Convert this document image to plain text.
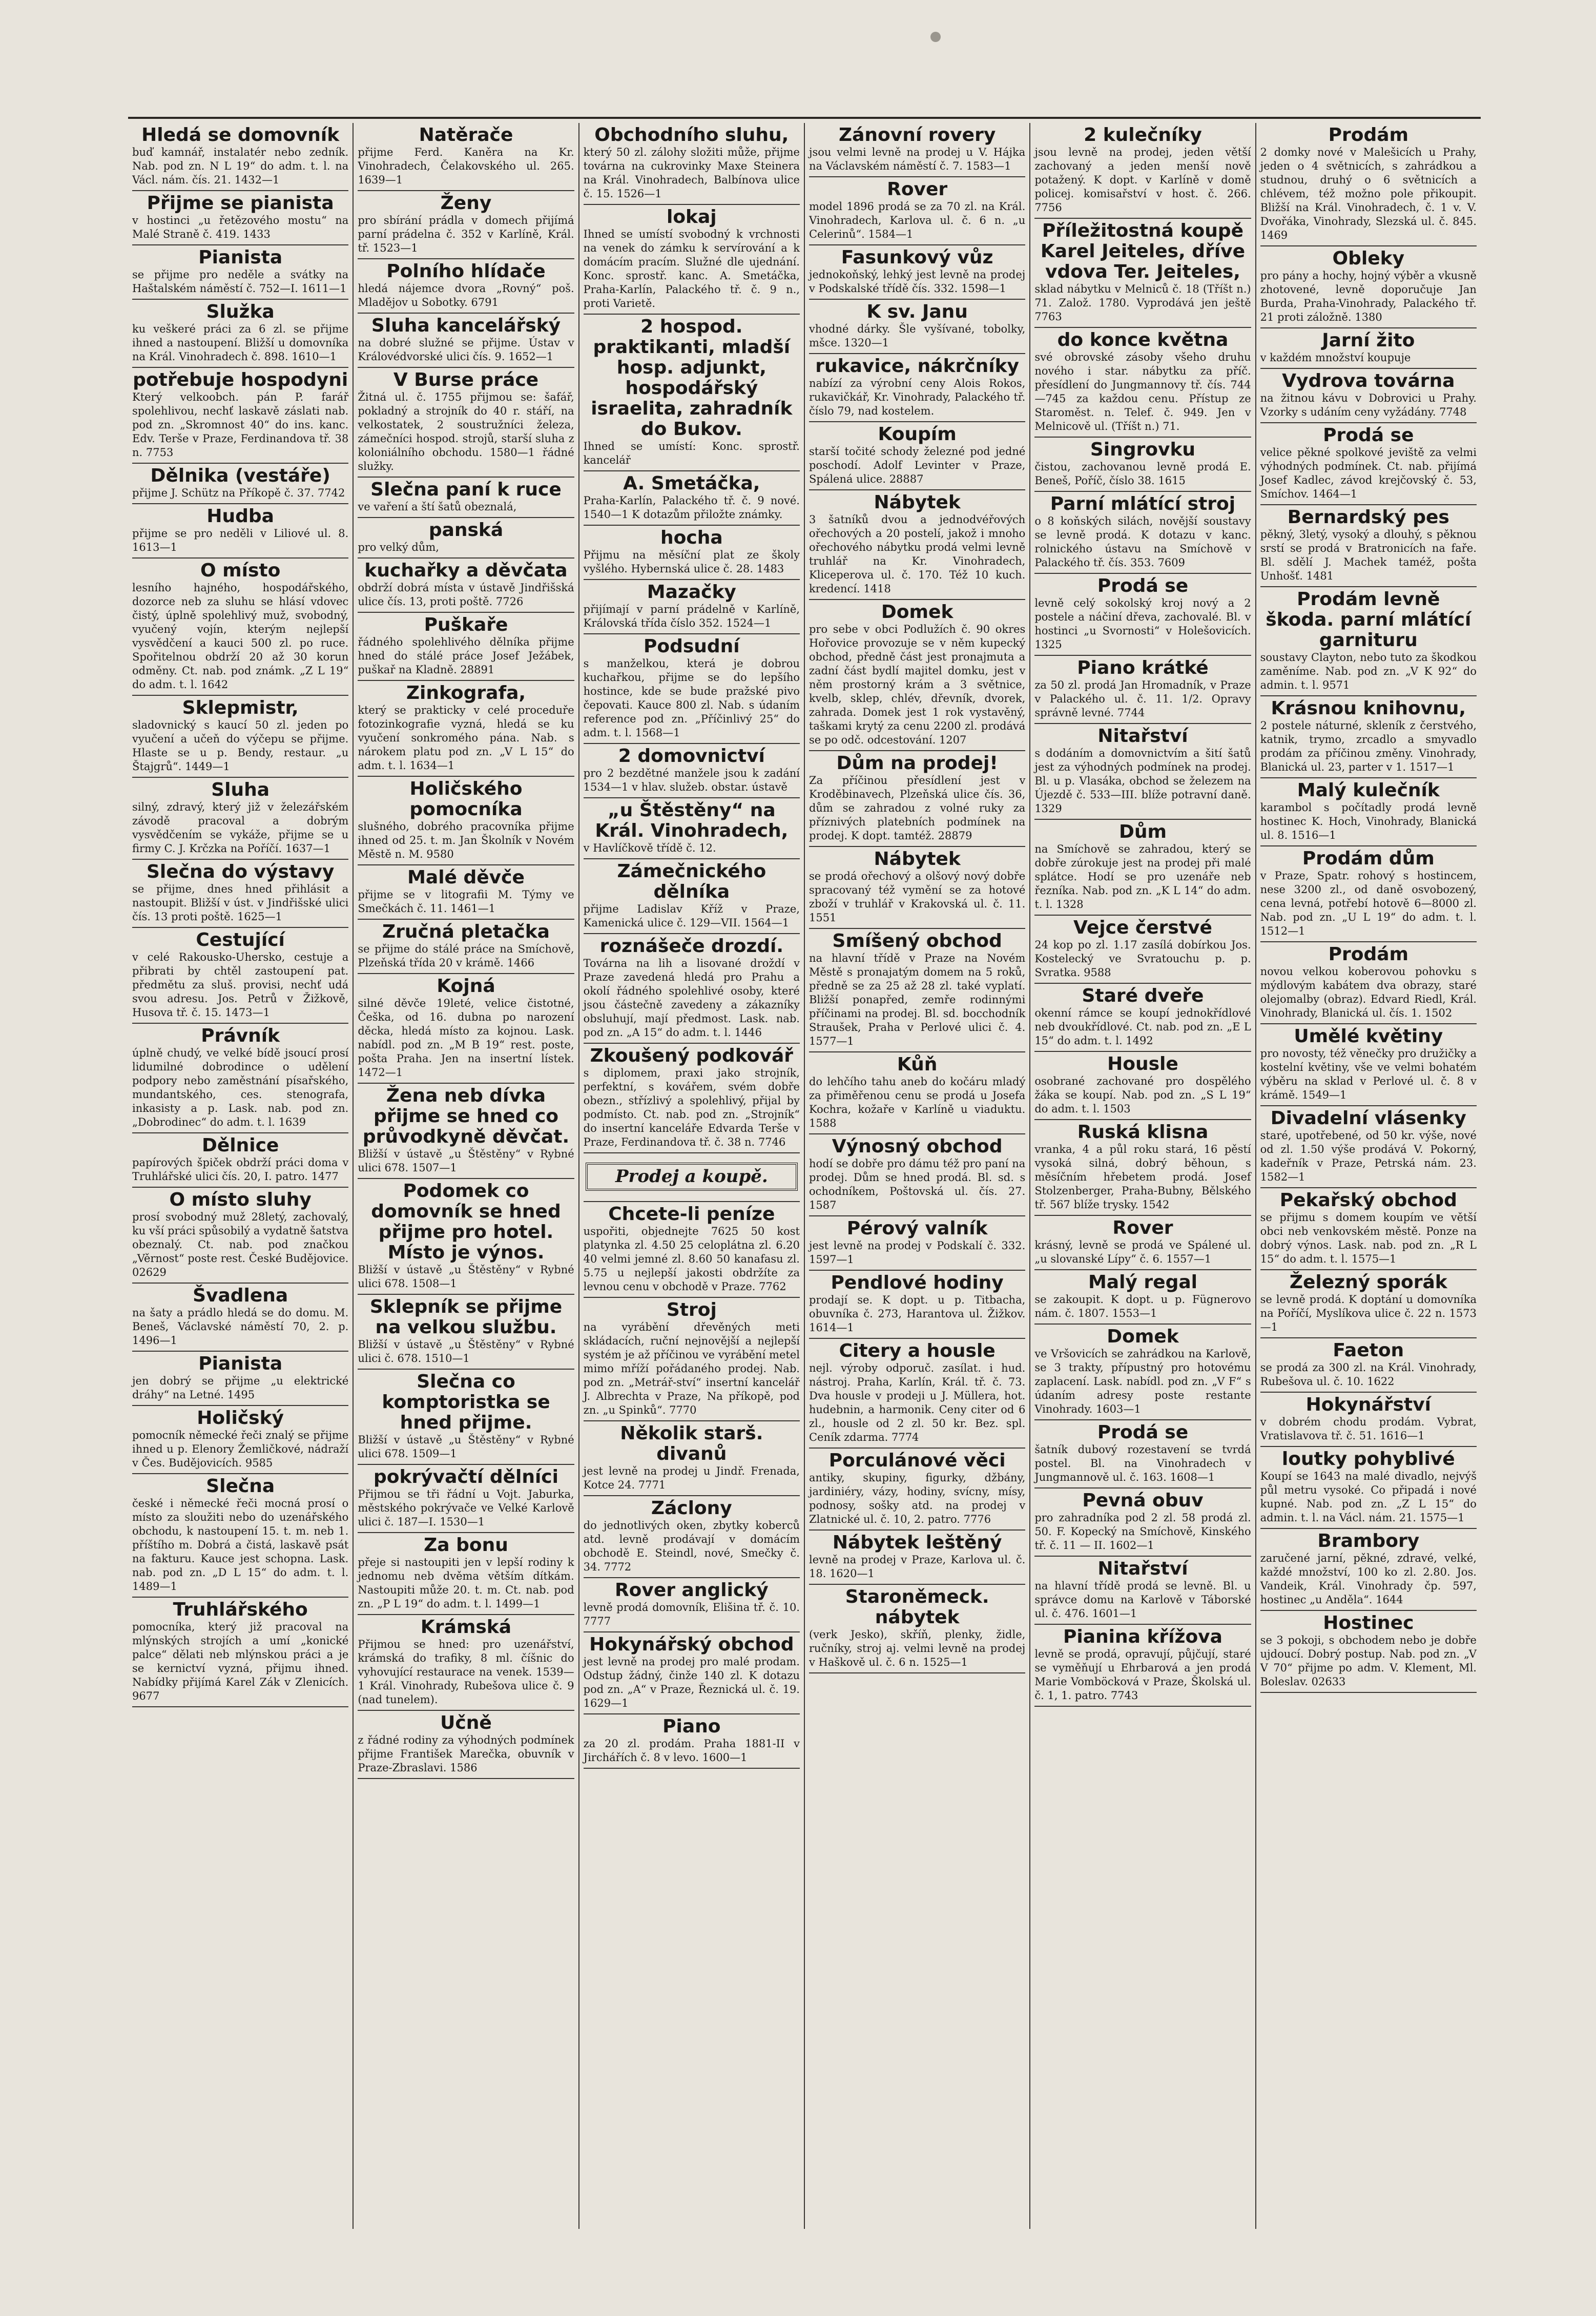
Hledá se domovník
buď kamnář, instalatér nebo zedník. Nab. pod zn. N L 19“ do adm. t. l. na Václ. nám. čís. 21. 1432—1
Přijme se pianista
v hostinci „u řetězového mostu“ na Malé Straně č. 419. 1433
Pianista
se přijme pro neděle a svátky na Haštalském náměstí č. 752—I. 1611—1
Služka
ku veškeré práci za 6 zl. se přijme ihned a nastoupení. Bližší u domovníka na Král. Vinohradech č. 898. 1610—1
potřebuje hospodyni
Který velkoobch. pán P. farář spolehlivou, nechť laskavě záslati nab. pod zn. „Skromnost 40“ do ins. kanc. Edv. Terše v Praze, Ferdinandova tř. 38 n. 7753
Dělnika (vestáře)
přijme J. Schütz na Příkopě č. 37. 7742
Hudba
přijme se pro neděli v Liliové ul. 8. 1613—1
O místo
lesního hajného, hospodářského, dozorce neb za sluhu se hlásí vdovec čistý, úplně spolehlivý muž, svobodný, vyučený vojín, kterým nejlepší vysvědčení a kauci 500 zl. po ruce. Spořitelnou obdrží 20 až 30 korun odměny. Ct. nab. pod známk. „Z L 19“ do adm. t. l. 1642
Sklepmistr,
sladovnický s kaucí 50 zl. jeden po vyučení a učeň do výčepu se přijme. Hlaste se u p. Bendy, restaur. „u Štajgrů“. 1449—1
Sluha
silný, zdravý, který již v železářském závodě pracoval a dobrým vysvědčením se vykáže, přijme se u firmy C. J. Krčzka na Poříčí. 1637—1
Slečna do výstavy
se přijme, dnes hned přihlásit a nastoupit. Bližší v úst. v Jindřišské ulici čís. 13 proti poště. 1625—1
Cestující
v celé Rakousko-Uhersko, cestuje a přibrati by chtěl zastoupení pat. předmětu za sluš. provisi, nechť udá svou adresu. Jos. Petrů v Žižkově, Husova tř. č. 15. 1473—1
Právník
úplně chudý, ve velké bídě jsoucí prosí lidumilné dobrodince o udělení podpory nebo zaměstnání písařského, mundantského, ces. stenografa, inkasisty a p. Lask. nab. pod zn. „Dobrodinec“ do adm. t. l. 1639
Dělnice
papírových špiček obdrží práci doma v Truhlářské ulici čís. 20, I. patro. 1477
O místo sluhy
prosí svobodný muž 28letý, zachovalý, ku vší práci spůsobilý a vydatně šatstva obeznalý. Ct. nab. pod značkou „Věrnost“ poste rest. České Budějovice. 02629
Švadlena
na šaty a prádlo hledá se do domu. M. Beneš, Václavské náměstí 70, 2. p. 1496—1
Pianista
jen dobrý se přijme „u elektrické dráhy“ na Letné. 1495
Holičský
pomocník německé řeči znalý se přijme ihned u p. Elenory Žemličkové, nádraží v Čes. Budějovicích. 9585
Slečna
české i německé řeči mocná prosí o místo za sloužiti nebo do uzenářského obchodu, k nastoupení 15. t. m. neb 1. příštího m. Dobrá a čistá, laskavě psát na fakturu. Kauce jest schopna. Lask. nab. pod zn. „D L 15“ do adm. t. l. 1489—1
Truhlářského
pomocníka, který již pracoval na mlýnských strojích a umí „konické palce“ dělati neb mlýnskou práci a je se kernictví vyzná, přijmu ihned. Nabídky přijímá Karel Zák v Zlenicích. 9677
Natěrače
přijme Ferd. Kaněra na Kr. Vinohradech, Čelakovského ul. 265. 1639—1
Ženy
pro sbírání prádla v domech přijímá parní prádelna č. 352 v Karlíně, Král. tř. 1523—1
Polního hlídače
hledá nájemce dvora „Rovný“ poš. Mladějov u Sobotky. 6791
Sluha kancelářský
na dobré služné se přijme. Ústav v Královédvorské ulici čís. 9. 1652—1
V Burse práce
Žitná ul. č. 1755 přijmou se: šafář, pokladný a strojník do 40 r. stáří, na velkostatek, 2 soustružníci železa, zámečníci hospod. strojů, starší sluha z koloniálního obchodu. 1580—1 řádné služky.
Slečna paní k ruce
ve vaření a ští šatů obeznalá,
panská
pro velký dům,
kuchařky a děvčata
obdrží dobrá místa v ústavě Jindřišská ulice čís. 13, proti poště. 7726
Puškaře
řádného spolehlivého dělníka přijme hned do stálé práce Josef Ježábek, puškař na Kladně. 28891
Zinkografa,
který se prakticky v celé proceduře fotozinkografie vyzná, hledá se ku vyučení sonkromého pána. Nab. s nárokem platu pod zn. „V L 15“ do adm. t. l. 1634—1
Holičského pomocníka
slušného, dobrého pracovníka přijme ihned od 25. t. m. Jan Školník v Novém Městě n. M. 9580
Malé děvče
přijme se v litografii M. Týmy ve Smečkách č. 11. 1461—1
Zručná pletačka
se přijme do stálé práce na Smíchově, Plzeňská třída 20 v krámě. 1466
Kojná
silné děvče 19leté, velice čistotné, Češka, od 16. dubna po narození děcka, hledá místo za kojnou. Lask. nabídl. pod zn. „M B 19“ rest. poste, pošta Praha. Jen na insertní lístek. 1472—1
Žena neb dívka přijme se hned co průvodkyně děvčat.
Bližší v ústavě „u Štěstěny“ v Rybné ulici 678. 1507—1
Podomek co domovník se hned přijme pro hotel. Místo je výnos.
Bližší v ústavě „u Štěstěny“ v Rybné ulici 678. 1508—1
Sklepník se přijme na velkou službu.
Bližší v ústavě „u Štěstěny“ v Rybné ulici č. 678. 1510—1
Slečna co komptoristka se hned přijme.
Bližší v ústavě „u Štěstěny“ v Rybné ulici 678. 1509—1
pokrývačtí dělníci
Přijmou se tři řádní u Vojt. Jaburka, městského pokrývače ve Velké Karlově ulici č. 187—I. 1530—1
Za bonu
přeje si nastoupiti jen v lepší rodiny k jednomu neb dvěma větším dítkám. Nastoupiti může 20. t. m. Ct. nab. pod zn. „P L 19“ do adm. t. l. 1499—1
Krámská
Přijmou se hned: pro uzenářství, krámská do trafiky, 8 ml. číšnic do vyhovující restaurace na venek. 1539—1 Král. Vinohrady, Rubešova ulice č. 9 (nad tunelem).
Učně
z řádné rodiny za výhodných podmínek přijme František Marečka, obuvník v Praze-Zbraslavi. 1586
Obchodního sluhu,
který 50 zl. zálohy složiti může, přijme továrna na cukrovinky Maxe Steinera na Král. Vinohradech, Balbínova ulice č. 15. 1526—1
lokaj
Ihned se umístí svobodný k vrchnosti na venek do zámku k servírování a k domácím pracím. Služné dle ujednání. Konc. sprostř. kanc. A. Smetáčka, Praha-Karlín, Palackého tř. č. 9 n., proti Varietě.
2 hospod. praktikanti, mladší hosp. adjunkt, hospodářský israelita, zahradník do Bukov.
Ihned se umístí: Konc. sprostř. kancelář
A. Smetáčka,
Praha-Karlín, Palackého tř. č. 9 nové. 1540—1 K dotazům přiložte známky.
hocha
Přijmu na měsíční plat ze školy vyšlého. Hybernská ulice č. 28. 1483
Mazačky
přijímají v parní prádelně v Karlíně, Královská třída číslo 352. 1524—1
Podsudní
s manželkou, která je dobrou kuchařkou, přijme se do lepšího hostince, kde se bude pražské pivo čepovati. Kauce 800 zl. Nab. s údaním reference pod zn. „Příčinlivý 25“ do adm. t. l. 1568—1
2 domovnictví
pro 2 bezdětné manžele jsou k zadání 1534—1 v hlav. služeb. obstar. ústavě
„u Štěstěny“ na Král. Vinohradech,
v Havlíčkově třídě č. 12.
Zámečnického dělníka
přijme Ladislav Kříž v Praze, Kamenická ulice č. 129—VII. 1564—1
roznášeče drozdí.
Továrna na lih a lisované droždí v Praze zavedená hledá pro Prahu a okolí řádného spolehlivé osoby, které jsou částečně zavedeny a zákazníky obsluhují, mají předmost. Lask. nab. pod zn. „A 15“ do adm. t. l. 1446
Zkoušený podkovář
s diplomem, praxi jako strojník, perfektní, s kovářem, svém dobře obezn., střízlivý a spolehlivý, přijal by podmísto. Ct. nab. pod zn. „Strojník“ do insertní kanceláře Edvarda Terše v Praze, Ferdinandova tř. č. 38 n. 7746
Prodej a koupě.
Chcete-li peníze
uspořiti, objednejte 7625 50 kost platynka zl. 4.50 25 celoplátna zl. 6.20 40 velmi jemné zl. 8.60 50 kanafasu zl. 5.75 u nejlepší jakosti obdržíte za levnou cenu v obchodě v Praze. 7762
Stroj
na vyrábění dřevěných meti skládacích, ruční nejnovější a nejlepší systém je až příčinou ve vyrábění metel mimo mříží pořádaného prodej. Nab. pod zn. „Metrář-ství“ insertní kancelář J. Albrechta v Praze, Na příkopě, pod zn. „u Spinků“. 7770
Několik starš. divanů
jest levně na prodej u Jindř. Frenada, Kotce 24. 7771
Záclony
do jednotlivých oken, zbytky koberců atd. levně prodávají v domácím obchodě E. Steindl, nové, Smečky č. 34. 7772
Rover anglický
levně prodá domovník, Elišina tř. č. 10. 7777
Hokynářský obchod
jest levně na prodej pro malé prodam. Odstup žádný, činže 140 zl. K dotazu pod zn. „A“ v Praze, Řeznická ul. č. 19. 1629—1
Piano
za 20 zl. prodám. Praha 1881-II v Jirchářích č. 8 v levo. 1600—1
Zánovní rovery
jsou velmi levně na prodej u V. Hájka na Václavském náměstí č. 7. 1583—1
Rover
model 1896 prodá se za 70 zl. na Král. Vinohradech, Karlova ul. č. 6 n. „u Celerinů“. 1584—1
Fasunkový vůz
jednokoňský, lehký jest levně na prodej v Podskalské třídě čís. 332. 1598—1
K sv. Janu
vhodné dárky. Šle vyšívané, tobolky, mšce. 1320—1
rukavice, nákrčníky
nabízí za výrobní ceny Alois Rokos, rukavičkář, Kr. Vinohrady, Palackého tř. číslo 79, nad kostelem.
Koupím
starší točité schody železné pod jedné poschodí. Adolf Levinter v Praze, Spálená ulice. 28887
Nábytek
3 šatníků dvou a jednodvéřových ořechových a 20 postelí, jakož i mnoho ořechového nábytku prodá velmi levně truhlář na Kr. Vinohradech, Kliceperova ul. č. 170. Též 10 kuch. kredencí. 1418
Domek
pro sebe v obci Podlužích č. 90 okres Hořovice provozuje se v něm kupecký obchod, předně část jest pronajmuta a zadní část bydlí majitel domku, jest v něm prostorný krám a 3 světnice, kvelb, sklep, chlév, dřevník, dvorek, zahrada. Domek jest 1 rok vystavěný, taškami krytý za cenu 2200 zl. prodává se po odč. odcestování. 1207
Dům na prodej!
Za příčinou přesídlení jest v Kroděbinavech, Plzeňská ulice čís. 36, dům se zahradou z volné ruky za příznivých platebních podmínek na prodej. K dopt. tamtéž. 28879
Nábytek
se prodá ořechový a olšový nový dobře spracovaný též vymění se za hotové zboží v truhlář v Krakovská ul. č. 11. 1551
Smíšený obchod
na hlavní třídě v Praze na Novém Městě s pronajatým domem na 5 roků, předně se za 25 až 28 zl. také vyplatí. Bližší ponapřed, zemře rodinnými příčinami na prodej. Bl. sd. bocchodník Straušek, Praha v Perlové ulici č. 4. 1577—1
Kůň
do lehčího tahu aneb do kočáru mladý za přiměřenou cenu se prodá u Josefa Kochra, kožaře v Karlíně u viaduktu. 1588
Výnosný obchod
hodí se dobře pro dámu též pro paní na prodej. Dům se hned prodá. Bl. sd. s ochodníkem, Poštovská ul. čís. 27. 1587
Pérový valník
jest levně na prodej v Podskalí č. 332. 1597—1
Pendlové hodiny
prodají se. K dopt. u p. Titbacha, obuvníka č. 273, Harantova ul. Žižkov. 1614—1
Citery a housle
nejl. výroby odporuč. zasílat. i hud. nástroj. Praha, Karlín, Král. tř. č. 73. Dva housle v prodeji u J. Müllera, hot. hudebnin, a harmonik. Ceny citer od 6 zl., housle od 2 zl. 50 kr. Bez. spl. Ceník zdarma. 7774
Porculánové věci
antiky, skupiny, figurky, džbány, jardiniéry, vázy, hodiny, svícny, mísy, podnosy, sošky atd. na prodej v Zlatnické ul. č. 10, 2. patro. 7776
Nábytek leštěný
levně na prodej v Praze, Karlova ul. č. 18. 1620—1
Staroněmeck. nábytek
(verk Jesko), skříň, plenky, židle, ručníky, stroj aj. velmi levně na prodej v Haškově ul. č. 6 n. 1525—1
2 kulečníky
jsou levně na prodej, jeden větší zachovaný a jeden menší nově potažený. K dopt. v Karlíně v domě policej. komisařství v host. č. 266. 7756
Příležitostná koupě Karel Jeiteles, dříve vdova Ter. Jeiteles,
sklad nábytku v Melniců č. 18 (Tříšt n.) 71. Založ. 1780. Vyprodává jen ještě 7763
do konce května
své obrovské zásoby všeho druhu nového i star. nábytku za příč. přesídlení do Jungmannovy tř. čís. 744—745 za každou cenu. Přístup ze Staroměst. n. Telef. č. 949. Jen v Melnicově ul. (Tříšt n.) 71.
Singrovku
čistou, zachovanou levně prodá E. Beneš, Poříč, číslo 38. 1615
Parní mlátící stroj
o 8 koňských silách, novější soustavy se levně prodá. K dotazu v kanc. rolnického ústavu na Smíchově v Palackého tř. čís. 353. 7609
Prodá se
levně celý sokolský kroj nový a 2 postele a náčiní dřeva, zachovalé. Bl. v hostinci „u Svornosti“ v Holešovicích. 1325
Piano krátké
za 50 zl. prodá Jan Hromadník, v Praze v Palackého ul. č. 11. 1/2. Opravy správně levné. 7744
Nitařství
s dodáním a domovnictvím a šití šatů jest za výhodných podmínek na prodej. Bl. u p. Vlasáka, obchod se železem na Újezdě č. 533—III. blíže potravní daně. 1329
Dům
na Smíchově se zahradou, který se dobře zúrokuje jest na prodej při malé splátce. Hodí se pro uzenáře neb řezníka. Nab. pod zn. „K L 14“ do adm. t. l. 1328
Vejce čerstvé
24 kop po zl. 1.17 zasílá dobírkou Jos. Kostelecký ve Svratouchu p. p. Svratka. 9588
Staré dveře
okenní rámce se koupí jednokřídlové neb dvoukřídlové. Ct. nab. pod zn. „E L 15“ do adm. t. l. 1492
Housle
osobrané zachované pro dospělého žáka se koupí. Nab. pod zn. „S L 19“ do adm. t. l. 1503
Ruská klisna
vranka, 4 a půl roku stará, 16 pěstí vysoká silná, dobrý běhoun, s měsíčním hřebetem prodá. Josef Stolzenberger, Praha-Bubny, Bělského tř. 567 blíže trysky. 1542
Rover
krásný, levně se prodá ve Spálené ul. „u slovanské Lípy“ č. 6. 1557—1
Malý regal
se zakoupit. K dopt. u p. Fügnerovo nám. č. 1807. 1553—1
Domek
ve Vršovicích se zahrádkou na Karlově, se 3 trakty, přípustný pro hotovému zaplacení. Lask. nabídl. pod zn. „V F“ s údaním adresy poste restante Vinohrady. 1603—1
Prodá se
šatník dubový rozestavení se tvrdá postel. Bl. na Vinohradech v Jungmannově ul. č. 163. 1608—1
Pevná obuv
pro zahradníka pod 2 zl. 58 prodá zl. 50. F. Kopecký na Smíchově, Kinského tř. č. 11 — II. 1602—1
Nitařství
na hlavní třídě prodá se levně. Bl. u správce domu na Karlově v Táborské ul. č. 476. 1601—1
Pianina křížova
levně se prodá, opravují, půjčují, staré se vyměňují u Ehrbarová a jen prodá Marie Vomböcková v Praze, Školská ul. č. 1, 1. patro. 7743
Prodám
2 domky nové v Malešicích u Prahy, jeden o 4 světnicích, s zahrádkou a studnou, druhý o 6 světnicích a chlévem, též možno pole přikoupit. Bližší na Král. Vinohradech, č. 1 v. V. Dvořáka, Vinohrady, Slezská ul. č. 845. 1469
Obleky
pro pány a hochy, hojný výběr a vkusně zhotovené, levně doporučuje Jan Burda, Praha-Vinohrady, Palackého tř. 21 proti záložně. 1380
Jarní žito
v každém množství koupuje
Vydrova továrna
na žitnou kávu v Dobrovici u Prahy. Vzorky s udáním ceny vyžádány. 7748
Prodá se
velice pěkné spolkové jeviště za velmi výhodných podmínek. Ct. nab. přijímá Josef Kadlec, závod krejčovský č. 53, Smíchov. 1464—1
Bernardský pes
pěkný, 3letý, vysoký a dlouhý, s pěknou srstí se prodá v Bratronicích na faře. Bl. sdělí J. Machek taméž, pošta Unhošť. 1481
Prodám levně škoda. parní mlátící garnituru
soustavy Clayton, nebo tuto za škodkou zaměníme. Nab. pod zn. „V K 92“ do admin. t. l. 9571
Krásnou knihovnu,
2 postele náturné, skleník z čerstvého, katnik, trymo, zrcadlo a smyvadlo prodám za příčinou změny. Vinohrady, Blanická ul. 23, parter v 1. 1517—1
Malý kulečník
karambol s počítadly prodá levně hostinec K. Hoch, Vinohrady, Blanická ul. 8. 1516—1
Prodám dům
v Praze, Spatr. rohový s hostincem, nese 3200 zl., od daně osvobozený, cena levná, potřebí hotově 6—8000 zl. Nab. pod zn. „U L 19“ do adm. t. l. 1512—1
Prodám
novou velkou koberovou pohovku s mýdlovým kabátem dva obrazy, staré olejomalby (obraz). Edvard Riedl, Král. Vinohrady, Blanická ul. čís. 1. 1502
Umělé květiny
pro novosty, též věnečky pro družičky a kostelní květiny, vše ve velmi bohatém výběru na sklad v Perlové ul. č. 8 v krámě. 1549—1
Divadelní vlásenky
staré, upotřebené, od 50 kr. výše, nové od zl. 1.50 výše prodává V. Pokorný, kadeřník v Praze, Petrská nám. 23. 1582—1
Pekařský obchod
se přijmu s domem koupím ve větší obci neb venkovském městě. Ponze na dobrý výnos. Lask. nab. pod zn. „R L 15“ do adm. t. l. 1575—1
Železný sporák
se levně prodá. K doptání u domovníka na Poříčí, Myslíkova ulice č. 22 n. 1573—1
Faeton
se prodá za 300 zl. na Král. Vinohrady, Rubešova ul. č. 10. 1622
Hokynářství
v dobrém chodu prodám. Vybrat, Vratislavova tř. č. 51. 1616—1
loutky pohyblivé
Koupí se 1643 na malé divadlo, nejvýš půl metru vysoké. Co připadá i nové kupné. Nab. pod zn. „Z L 15“ do admin. t. l. na Václ. nám. 21. 1575—1
Brambory
zaručené jarní, pěkné, zdravé, velké, každé množství, 100 ko zl. 2.80. Jos. Vandeik, Král. Vinohrady čp. 597, hostinec „u Anděla“. 1644
Hostinec
se 3 pokoji, s obchodem nebo je dobře ujdoucí. Dobrý postup. Nab. pod zn. „V V 70“ přijme po adm. V. Klement, Ml. Boleslav. 02633
